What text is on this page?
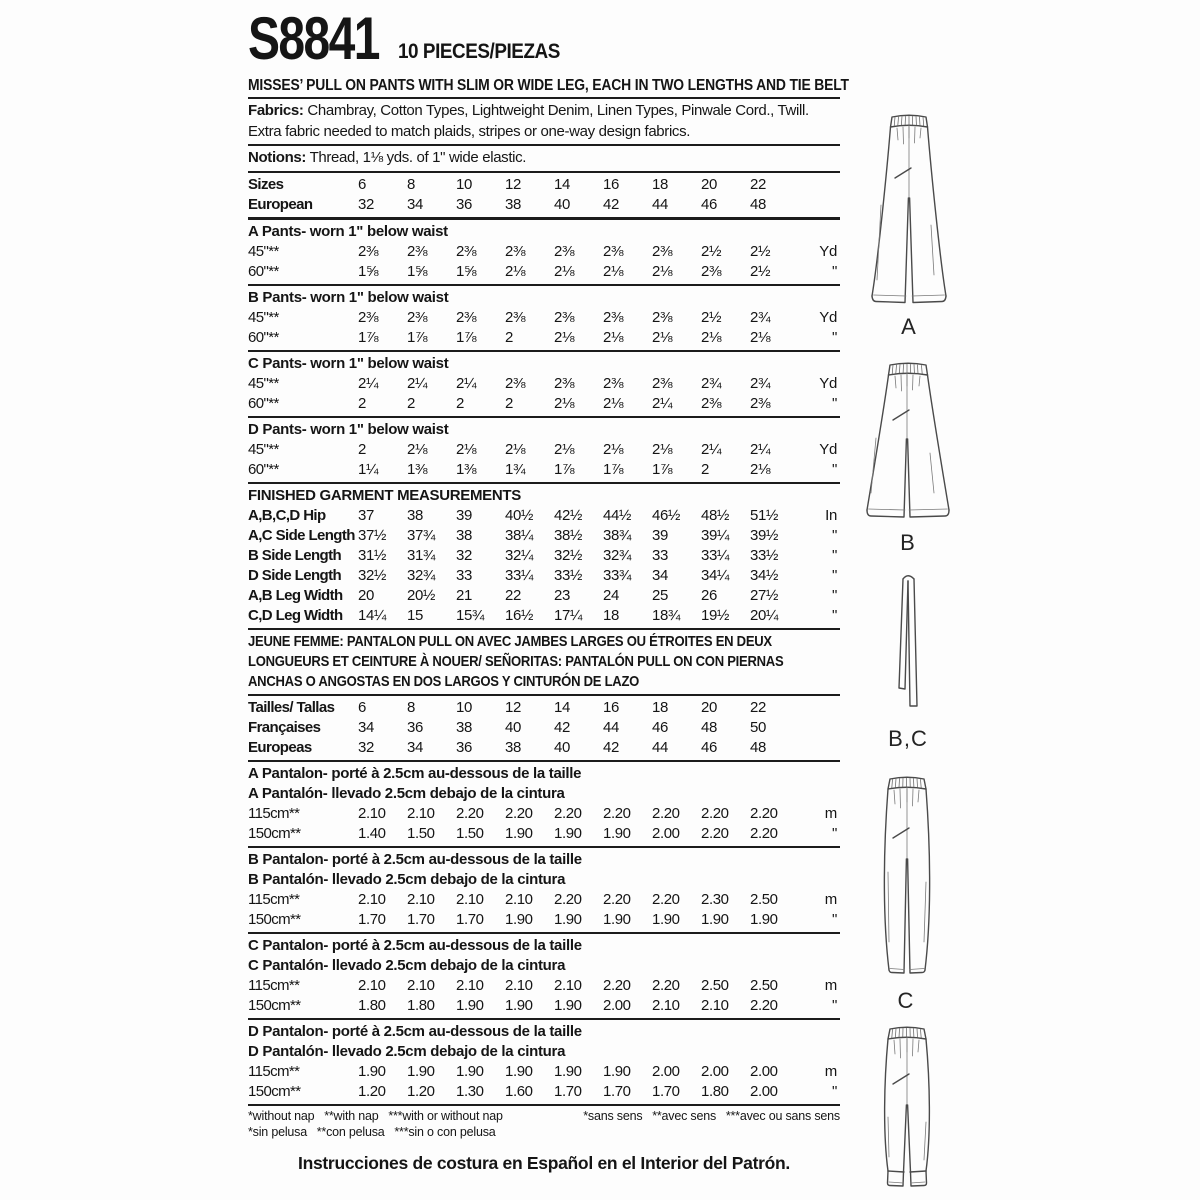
S8841 10 PIECES/PIEZAS
MISSES’ PULL ON PANTS WITH SLIM OR WIDE LEG, EACH IN TWO LENGTHS AND TIE BELT

Fabrics: Chambray, Cotton Types, Lightweight Denim, Linen Types, Pinwale Cord., Twill. Extra fabric needed to match plaids, stripes or one-way design fabrics.

Notions: Thread, 1⅛ yds. of 1" wide elastic.

Sizes	6	8	10	12	14	16	18	20	22
European	32	34	36	38	40	42	44	46	48
A Pants- worn 1" below waist
45"**	2⅜	2⅜	2⅜	2⅜	2⅜	2⅜	2⅜	2½	2½	Yd
60"**	1⅝	1⅝	1⅝	2⅛	2⅛	2⅛	2⅛	2⅜	2½	"
B Pants- worn 1" below waist
45"**	2⅜	2⅜	2⅜	2⅜	2⅜	2⅜	2⅜	2½	2¾	Yd
60"**	1⅞	1⅞	1⅞	2	2⅛	2⅛	2⅛	2⅛	2⅛	"
C Pants- worn 1" below waist
45"**	2¼	2¼	2¼	2⅜	2⅜	2⅜	2⅜	2¾	2¾	Yd
60"**	2	2	2	2	2⅛	2⅛	2¼	2⅜	2⅜	"
D Pants- worn 1" below waist
45"**	2	2⅛	2⅛	2⅛	2⅛	2⅛	2⅛	2¼	2¼	Yd
60"**	1¼	1⅜	1⅜	1¾	1⅞	1⅞	1⅞	2	2⅛	"
FINISHED GARMENT MEASUREMENTS
A,B,C,D Hip	37	38	39	40½	42½	44½	46½	48½	51½	In
A,C Side Length 37½	37¾	38	38¼	38½	38¾	39	39¼	39½	"
B Side Length	31½	31¾	32	32¼	32½	32¾	33	33¼	33½	"
D Side Length	32½	32¾	33	33¼	33½	33¾	34	34¼	34½	"
A,B Leg Width	20	20½	21	22	23	24	25	26	27½	"
C,D Leg Width	14¼	15	15¾	16½	17¼	18	18¾	19½	20¼	"
JEUNE FEMME: PANTALON PULL ON AVEC JAMBES LARGES OU ÉTROITES EN DEUX
LONGUEURS ET CEINTURE À NOUER/ SEÑORITAS: PANTALÓN PULL ON CON PIERNAS
ANCHAS O ANGOSTAS EN DOS LARGOS Y CINTURÓN DE LAZO
Tailles/ Tallas	6	8	10	12	14	16	18	20	22
Françaises	34	36	38	40	42	44	46	48	50
Europeas	32	34	36	38	40	42	44	46	48
A Pantalon- porté à 2.5cm au-dessous de la taille
A Pantalón- llevado 2.5cm debajo de la cintura
115cm**	2.10	2.10	2.20	2.20	2.20	2.20	2.20	2.20	2.20	m
150cm**	1.40	1.50	1.50	1.90	1.90	1.90	2.00	2.20	2.20	"
B Pantalon- porté à 2.5cm au-dessous de la taille
B Pantalón- llevado 2.5cm debajo de la cintura
115cm**	2.10	2.10	2.10	2.10	2.20	2.20	2.20	2.30	2.50	m
150cm**	1.70	1.70	1.70	1.90	1.90	1.90	1.90	1.90	1.90	"
C Pantalon- porté à 2.5cm au-dessous de la taille
C Pantalón- llevado 2.5cm debajo de la cintura
115cm**	2.10	2.10	2.10	2.10	2.10	2.20	2.20	2.50	2.50	m
150cm**	1.80	1.80	1.90	1.90	1.90	2.00	2.10	2.10	2.20	"
D Pantalon- porté à 2.5cm au-dessous de la taille
D Pantalón- llevado 2.5cm debajo de la cintura
115cm**	1.90	1.90	1.90	1.90	1.90	1.90	2.00	2.00	2.00	m
150cm**	1.20	1.20	1.30	1.60	1.70	1.70	1.70	1.80	2.00	"
*without nap   **with nap   ***with or without nap	*sans sens   **avec sens   ***avec ou sans sens
*sin pelusa   **con pelusa   ***sin o con pelusa
Instrucciones de costura en Español en el Interior del Patrón.
A
B
B,C
C
